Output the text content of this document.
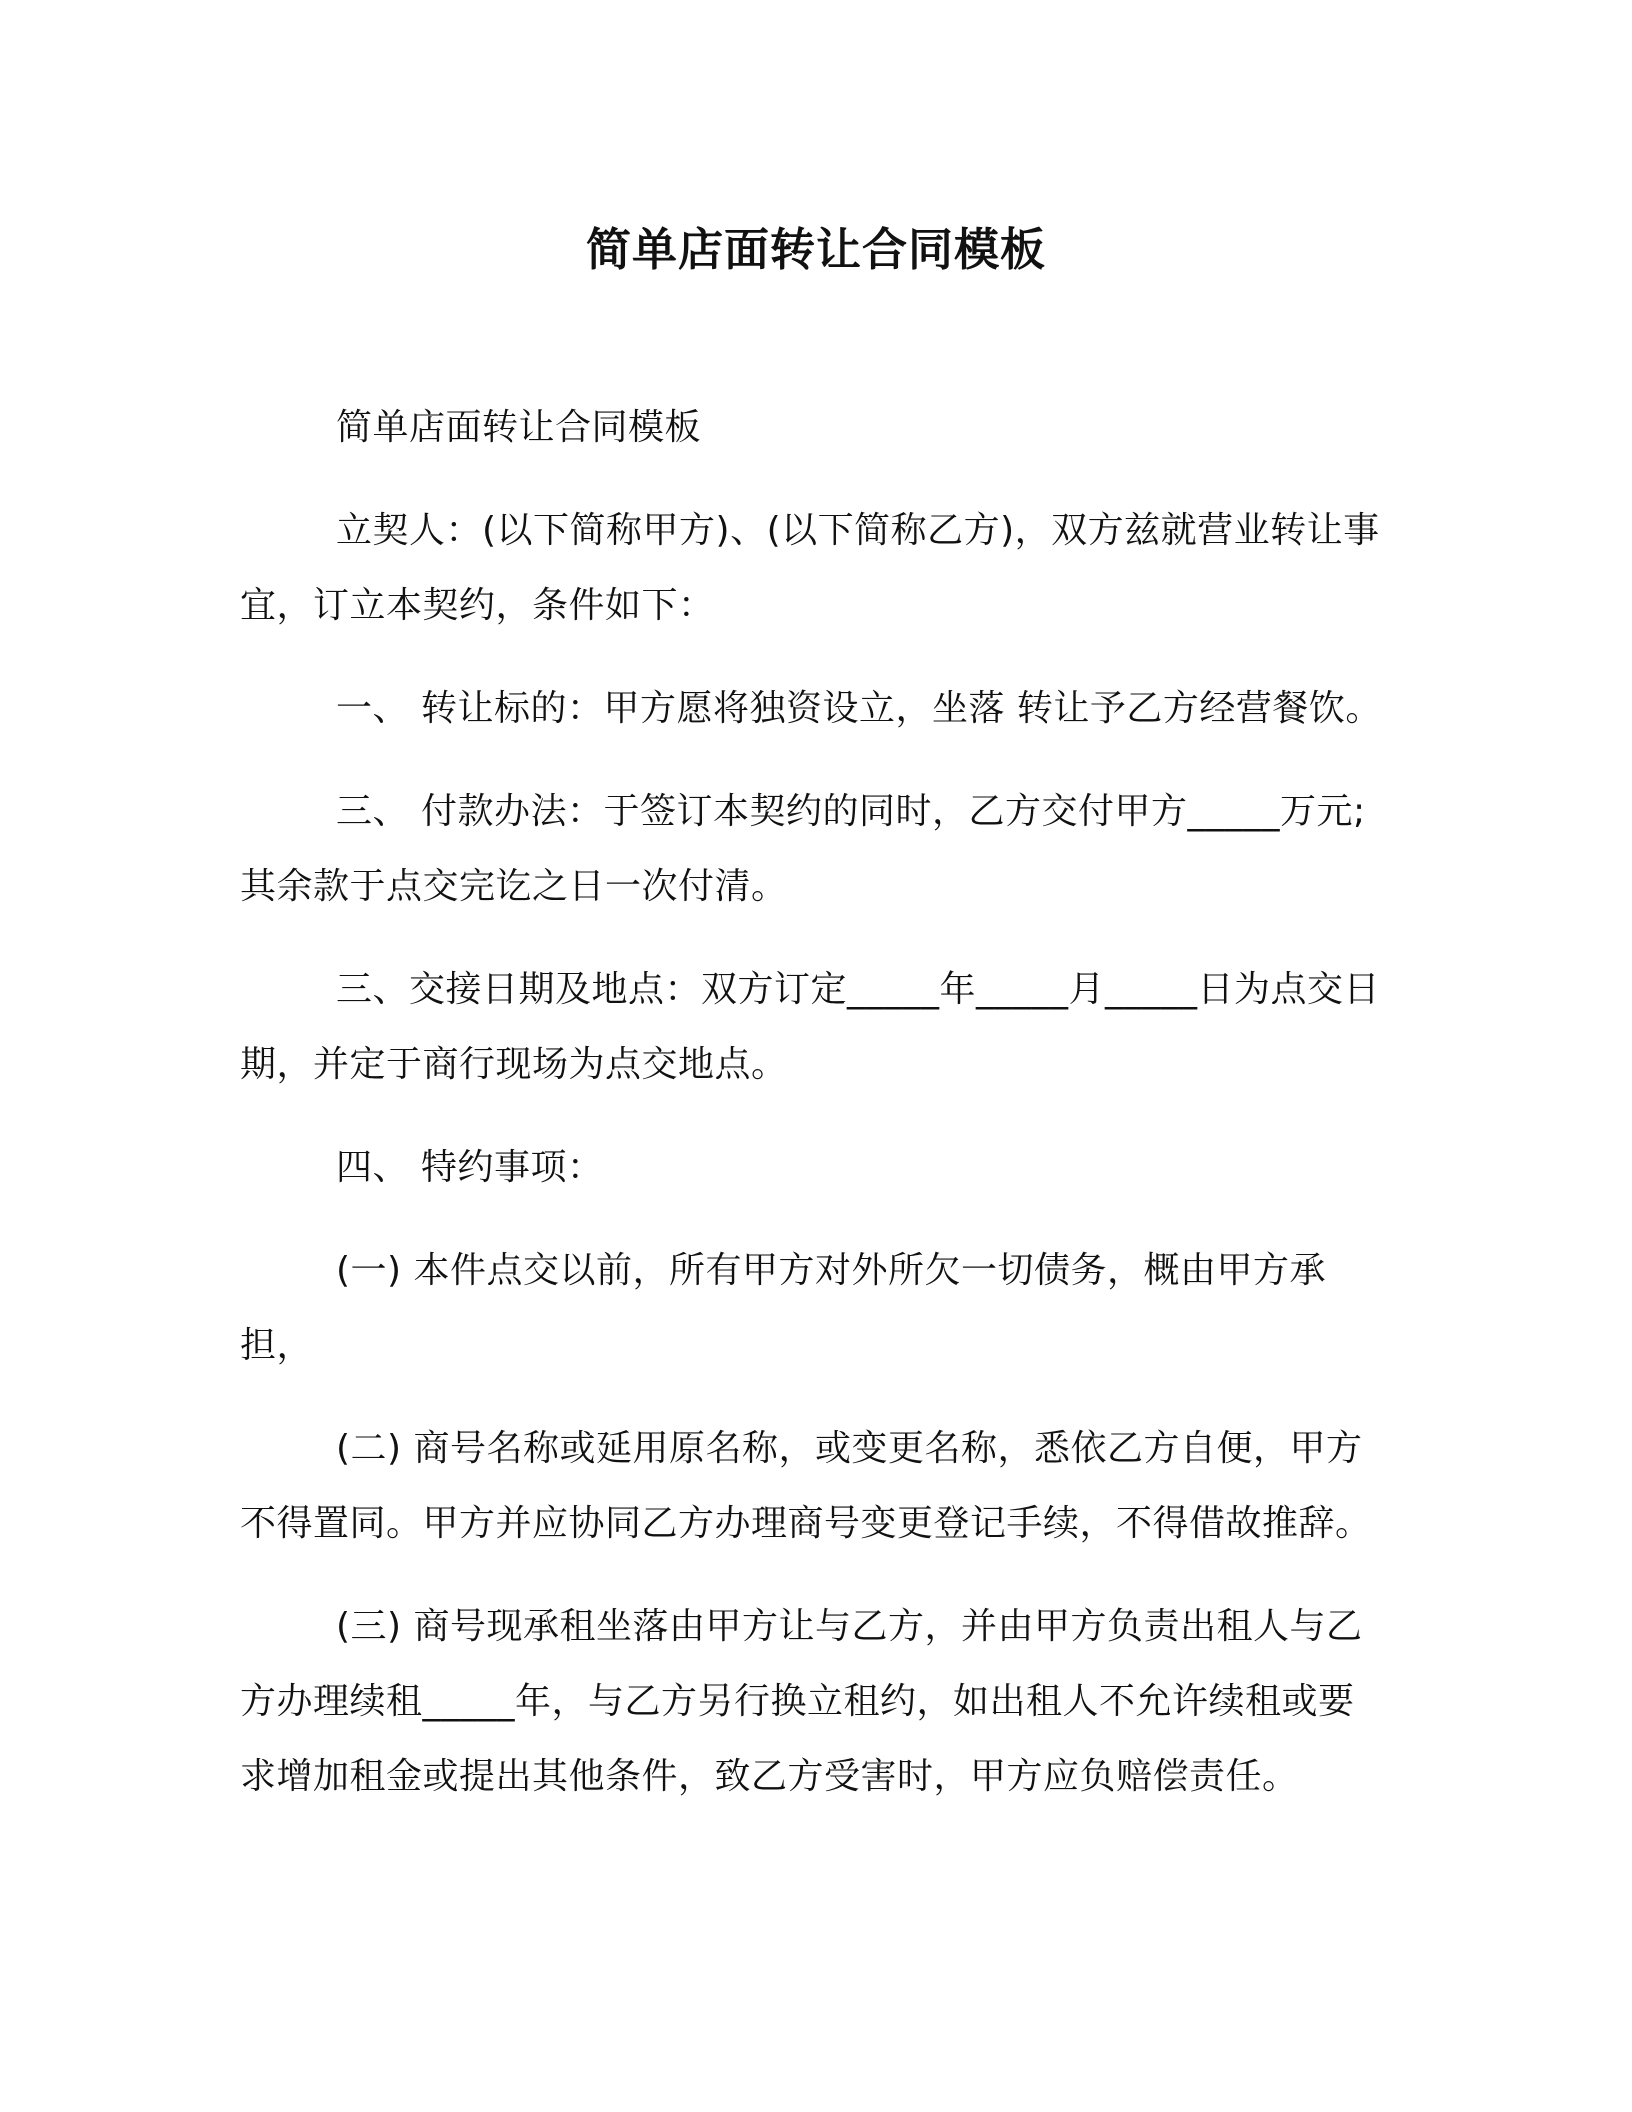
简单店面转让合同模板

简单店面转让合同模板

立契人：(以下简称甲方)、(以下简称乙方)，双方兹就营业转让事宜，订立本契约，条件如下：

一、 转让标的：甲方愿将独资设立，坐落 转让予乙方经营餐饮。

三、 付款办法：于签订本契约的同时，乙方交付甲方_____万元;其余款于点交完讫之日一次付清。

三、交接日期及地点：双方订定_____年_____月_____日为点交日期，并定于商行现场为点交地点。

四、 特约事项：

(一) 本件点交以前，所有甲方对外所欠一切债务，概由甲方承担，

(二) 商号名称或延用原名称，或变更名称，悉依乙方自便，甲方不得置同。甲方并应协同乙方办理商号变更登记手续，不得借故推辞。

(三) 商号现承租坐落由甲方让与乙方，并由甲方负责出租人与乙方办理续租_____年，与乙方另行换立租约，如出租人不允许续租或要求增加租金或提出其他条件，致乙方受害时，甲方应负赔偿责任。
